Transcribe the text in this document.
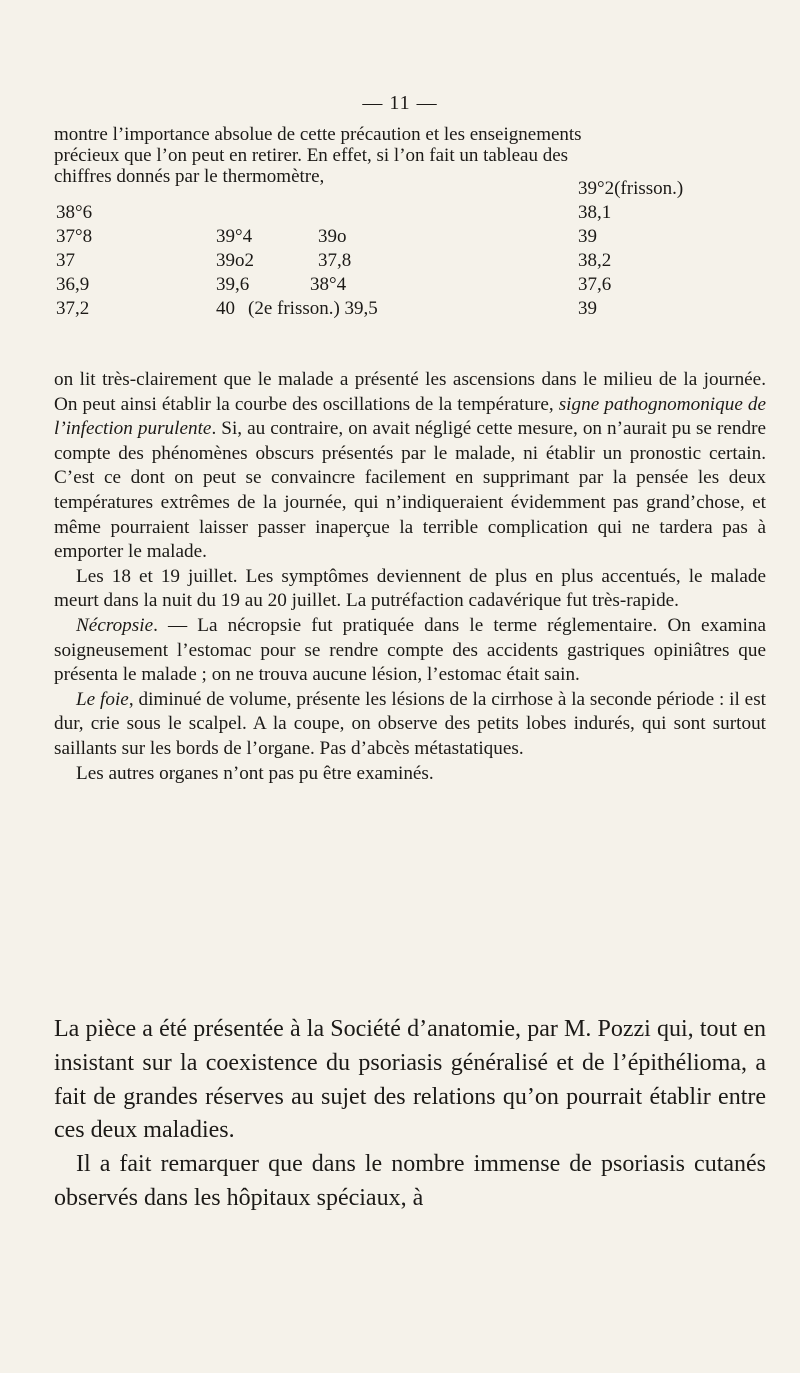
— 11 —
montre l’importance absolue de cette précaution et les enseignements
précieux que l’on peut en retirer. En effet, si l’on fait un tableau des
chiffres donnés par le thermomètre,
38°6
37°8
37
36,9
37,2
39°4
39o2
39,6
40
39o
37,8
38°4
(2e frisson.) 39,5
39°2(frisson.)
38,1
39
38,2
37,6
39

on lit très-clairement que le malade a présenté les ascensions dans le milieu de la journée. On peut ainsi établir la courbe des oscillations de la température, signe pathognomonique de l’infection purulente. Si, au contraire, on avait négligé cette mesure, on n’aurait pu se rendre compte des phénomènes obscurs présentés par le malade, ni établir un pronostic certain. C’est ce dont on peut se convaincre facilement en supprimant par la pensée les deux températures extrêmes de la journée, qui n’indiqueraient évidemment pas grand’chose, et même pourraient laisser passer inaperçue la terrible complication qui ne tardera pas à emporter le malade.

Les 18 et 19 juillet. Les symptômes deviennent de plus en plus accentués, le malade meurt dans la nuit du 19 au 20 juillet. La putréfaction cadavérique fut très-rapide.

Nécropsie. — La nécropsie fut pratiquée dans le terme réglementaire. On examina soigneusement l’estomac pour se rendre compte des accidents gastriques opiniâtres que présenta le malade ; on ne trouva aucune lésion, l’estomac était sain.

Le foie, diminué de volume, présente les lésions de la cirrhose à la seconde période : il est dur, crie sous le scalpel. A la coupe, on observe des petits lobes indurés, qui sont surtout saillants sur les bords de l’organe. Pas d’abcès métastatiques.

Les autres organes n’ont pas pu être examinés.

La pièce a été présentée à la Société d’anatomie, par M. Pozzi qui, tout en insistant sur la coexistence du psoriasis généralisé et de l’épithélioma, a fait de grandes réserves au sujet des relations qu’on pourrait établir entre ces deux maladies.

Il a fait remarquer que dans le nombre immense de psoriasis cutanés observés dans les hôpitaux spéciaux, à
